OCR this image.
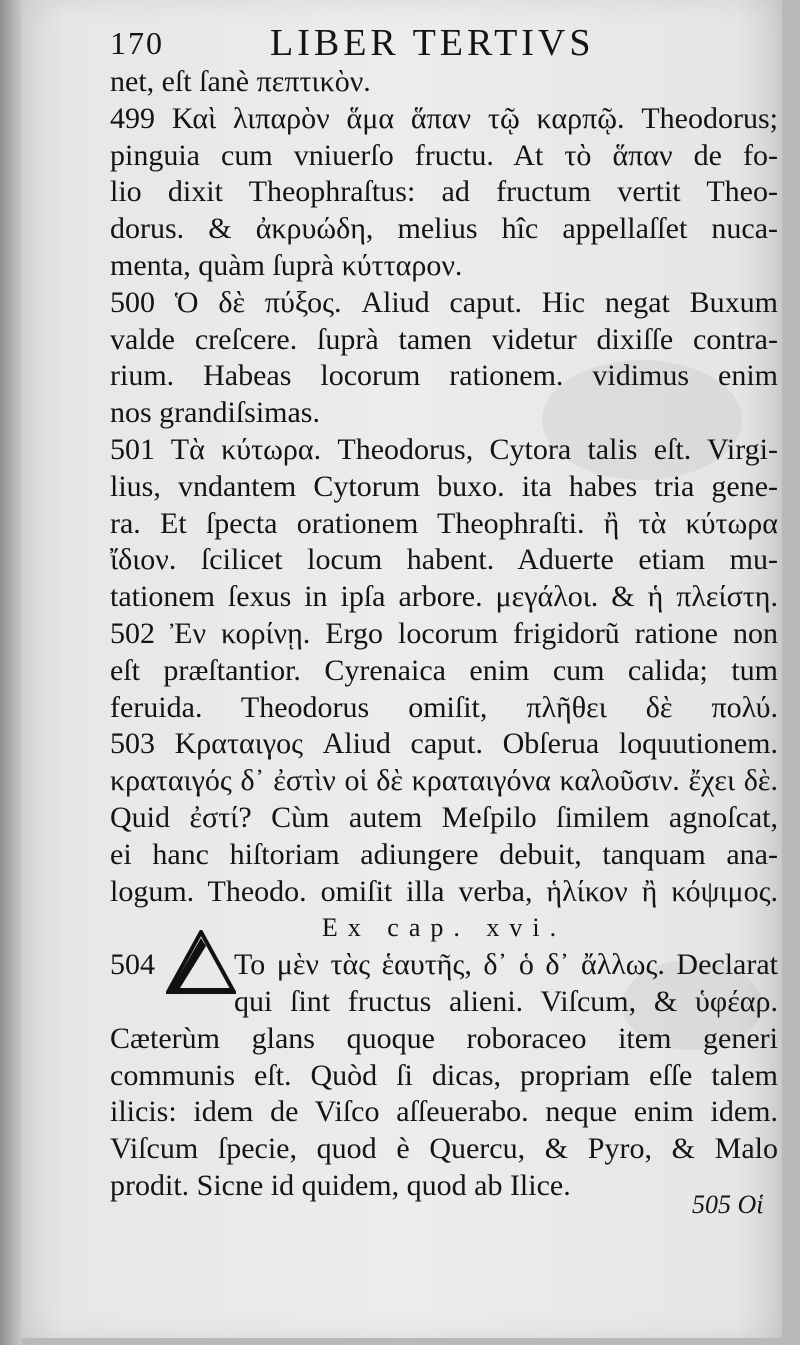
170	LIBER TERTIVS
net, eſt ſanè πεπτικὸν.
499 Καὶ λιπαρὸν ἅμα ἅπαν τῷ καρπῷ. Theodorus;
pinguia cum vniuerſo fructu. At τὸ ἅπαν de fo-
lio dixit Theophraſtus: ad fructum vertit Theo-
dorus. & ἀκρυώδη, melius hîc appellaſſet nuca-
menta, quàm ſuprà κύτταρον.
500 Ὁ δὲ πύξος. Aliud caput. Hic negat Buxum
valde creſcere. ſuprà tamen videtur dixiſſe contra-
rium. Habeas locorum rationem. vidimus enim
nos grandiſsimas.
501 Τὰ κύτωρα. Theodorus, Cytora talis eſt. Virgi-
lius, vndantem Cytorum buxo. ita habes tria gene-
ra. Et ſpecta orationem Theophraſti. ἢ τὰ κύτωρα
ἴδιον. ſcilicet locum habent. Aduerte etiam mu-
tationem ſexus in ipſa arbore. μεγάλοι. & ἡ πλείστη.
502 Ἐν κορίνῃ. Ergo locorum frigidorũ ratione non
eſt præſtantior. Cyrenaica enim cum calida; tum
feruida. Theodorus omiſit, πλῆθει δὲ πολύ.
503 Κραταιγος Aliud caput. Obſerua loquutionem.
κραταιγός δ᾽ ἐστὶν οἱ δὲ κραταιγόνα καλοῦσιν. ἔχει δὲ.
Quid ἐστί? Cùm autem Meſpilo ſimilem agnoſcat,
ei hanc hiſtoriam adiungere debuit, tanquam ana-
logum. Theodo. omiſit illa verba, ἡλίκον ἢ κόψιμος.
Ex cap. xvi.
504	Το μὲν τὰς ἑαυτῆς, δ᾽ ὁ δ᾽ ἄλλως. Declarat
qui ſint fructus alieni. Viſcum, & ὑφέαρ.
Cæterùm glans quoque roboraceo item generi
communis eſt. Quòd ſi dicas, propriam eſſe talem
ilicis: idem de Viſco aſſeuerabo. neque enim idem.
Viſcum ſpecie, quod è Quercu, & Pyro, & Malo
prodit. Sicne id quidem, quod ab Ilice.
505 Oἱ
